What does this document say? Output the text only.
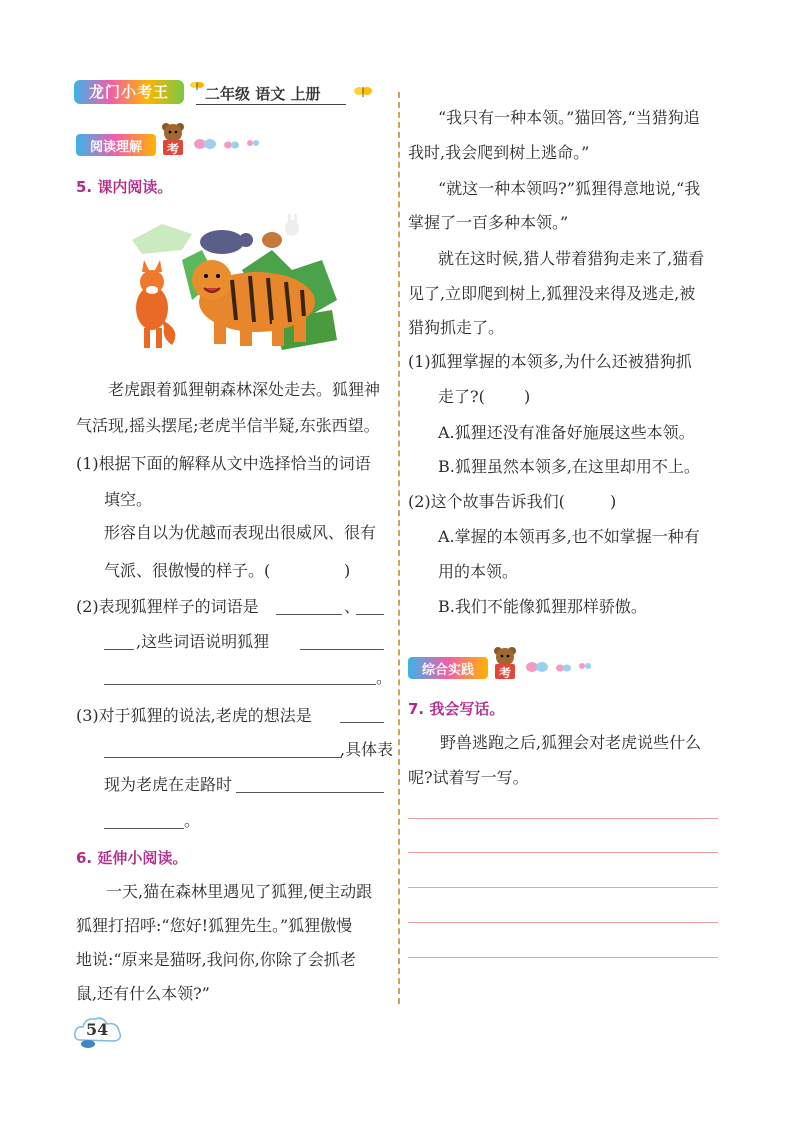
龙门小考王	二年级 语文 上册
阅读理解	考
5. 课内阅读。
老虎跟着狐狸朝森林深处走去。狐狸神
气活现,摇头摆尾;老虎半信半疑,东张西望。
(1)根据下面的解释从文中选择恰当的词语
填空。
形容自以为优越而表现出很威风、很有
气派、很傲慢的样子。(	)
(2)表现狐狸样子的词语是	、
,这些词语说明狐狸
。
(3)对于狐狸的说法,老虎的想法是
,具体表
现为老虎在走路时
。
6. 延伸小阅读。
一天,猫在森林里遇见了狐狸,便主动跟
狐狸打招呼:“您好!狐狸先生。”狐狸傲慢
地说:“原来是猫呀,我问你,你除了会抓老
鼠,还有什么本领?”
“我只有一种本领。”猫回答,“当猎狗追
我时,我会爬到树上逃命。”
“就这一种本领吗?”狐狸得意地说,“我
掌握了一百多种本领。”
就在这时候,猎人带着猎狗走来了,猫看
见了,立即爬到树上,狐狸没来得及逃走,被
猎狗抓走了。
(1)狐狸掌握的本领多,为什么还被猎狗抓
走了?( )
A.狐狸还没有准备好施展这些本领。
B.狐狸虽然本领多,在这里却用不上。
(2)这个故事告诉我们(	)
A.掌握的本领再多,也不如掌握一种有
用的本领。
B.我们不能像狐狸那样骄傲。
综合实践	考
7. 我会写话。
野兽逃跑之后,狐狸会对老虎说些什么
呢?试着写一写。
54
